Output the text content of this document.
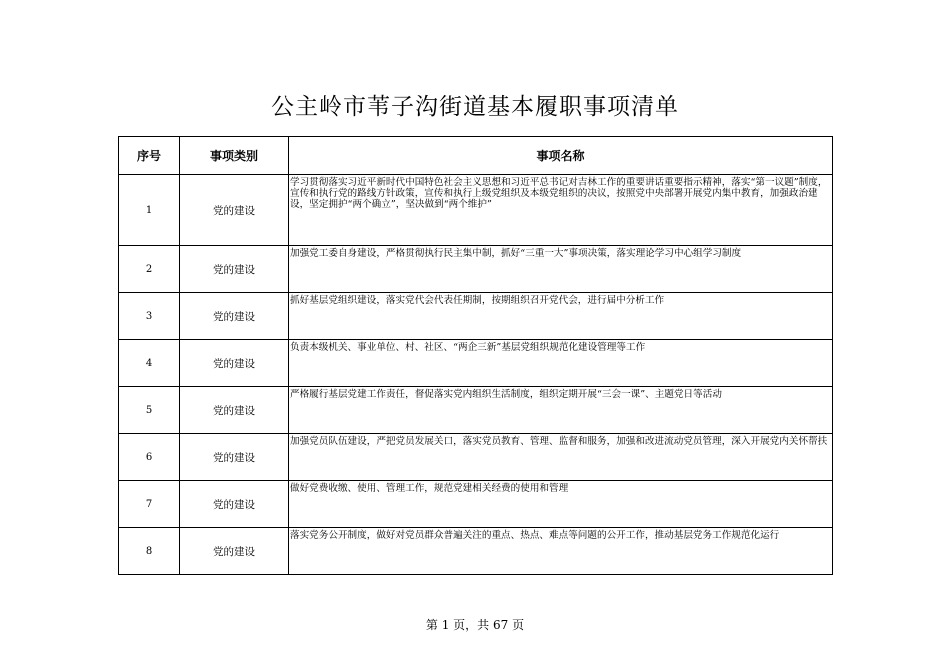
公主岭市苇子沟街道基本履职事项清单
序号	事项类别	事项名称
1	党的建设	学习贯彻落实习近平新时代中国特色社会主义思想和习近平总书记对吉林工作的重要讲话重要指示精神，落实“第一议题”制度，宣传和执行党的路线方针政策，宣传和执行上级党组织及本级党组织的决议，按照党中央部署开展党内集中教育，加强政治建设，坚定拥护“两个确立”，坚决做到“两个维护”
2	党的建设	加强党工委自身建设，严格贯彻执行民主集中制，抓好“三重一大”事项决策，落实理论学习中心组学习制度
3	党的建设	抓好基层党组织建设，落实党代会代表任期制，按期组织召开党代会，进行届中分析工作
4	党的建设	负责本级机关、事业单位、村、社区、“两企三新”基层党组织规范化建设管理等工作
5	党的建设	严格履行基层党建工作责任，督促落实党内组织生活制度，组织定期开展“三会一课”、主题党日等活动
6	党的建设	加强党员队伍建设，严把党员发展关口，落实党员教育、管理、监督和服务，加强和改进流动党员管理，深入开展党内关怀帮扶
7	党的建设	做好党费收缴、使用、管理工作，规范党建相关经费的使用和管理
8	党的建设	落实党务公开制度，做好对党员群众普遍关注的重点、热点、难点等问题的公开工作，推动基层党务工作规范化运行
第 1 页，共 67 页
